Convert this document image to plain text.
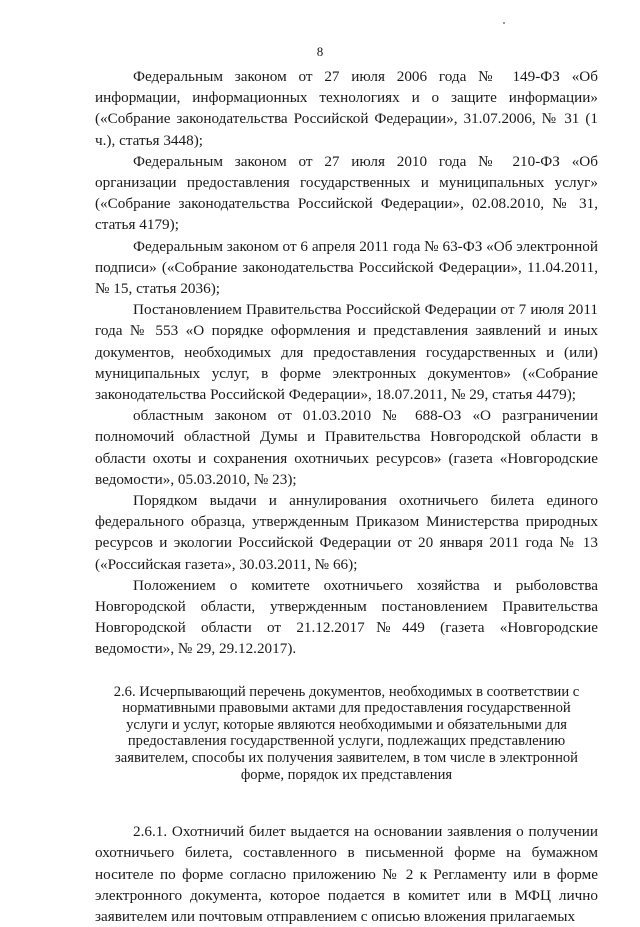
8

Федеральным законом от 27 июля 2006 года № 149-ФЗ «Об информации, информационных технологиях и о защите информации» («Собрание законодательства Российской Федерации», 31.07.2006, № 31 (1 ч.), статья 3448);

Федеральным законом от 27 июля 2010 года № 210-ФЗ «Об организации предоставления государственных и муниципальных услуг» («Собрание законодательства Российской Федерации», 02.08.2010, № 31, статья 4179);

Федеральным законом от 6 апреля 2011 года № 63-ФЗ «Об электронной подписи» («Собрание законодательства Российской Федерации», 11.04.2011, № 15, статья 2036);

Постановлением Правительства Российской Федерации от 7 июля 2011 года № 553 «О порядке оформления и представления заявлений и иных документов, необходимых для предоставления государственных и (или) муниципальных услуг, в форме электронных документов» («Собрание законодательства Российской Федерации», 18.07.2011, № 29, статья 4479);

областным законом от 01.03.2010 № 688-ОЗ «О разграничении полномочий областной Думы и Правительства Новгородской области в области охоты и сохранения охотничьих ресурсов» (газета «Новгородские ведомости», 05.03.2010, № 23);

Порядком выдачи и аннулирования охотничьего билета единого федерального образца, утвержденным Приказом Министерства природных ресурсов и экологии Российской Федерации от 20 января 2011 года № 13 («Российская газета», 30.03.2011, № 66);

Положением о комитете охотничьего хозяйства и рыболовства Новгородской области, утвержденным постановлением Правительства Новгородской области от 21.12.2017№449 (газета «Новгородские ведомости», № 29, 29.12.2017).

2.6. Исчерпывающий перечень документов, необходимых в соответствии с нормативными правовыми актами для предоставления государственной услуги и услуг, которые являются необходимыми и обязательными для предоставления государственной услуги, подлежащих представлению заявителем, способы их получения заявителем, в том числе в электронной форме, порядок их представления

2.6.1. Охотничий билет выдается на основании заявления о получении охотничьего билета, составленного в письменной форме на бумажном носителе по форме согласно приложению № 2 к Регламенту или в форме электронного документа, которое подается в комитет или в МФЦ лично заявителем или почтовым отправлением с описью вложения прилагаемых
